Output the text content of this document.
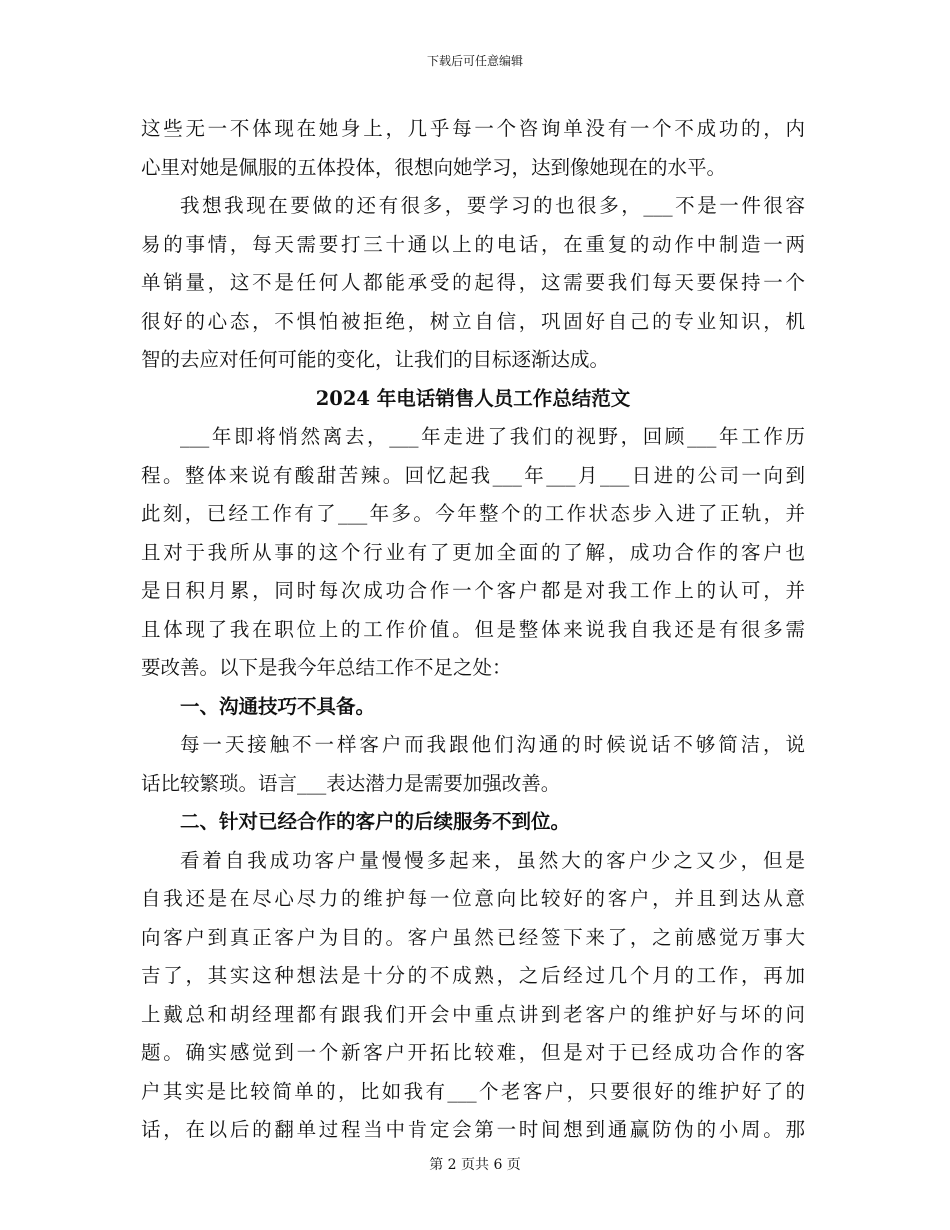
下载后可任意编辑
这些无一不体现在她身上，几乎每一个咨询单没有一个不成功的，内
心里对她是佩服的五体投体，很想向她学习，达到像她现在的水平。
我想我现在要做的还有很多，要学习的也很多，___不是一件很容
易的事情，每天需要打三十通以上的电话，在重复的动作中制造一两
单销量，这不是任何人都能承受的起得，这需要我们每天要保持一个
很好的心态，不惧怕被拒绝，树立自信，巩固好自己的专业知识，机
智的去应对任何可能的变化，让我们的目标逐渐达成。
2024 年电话销售人员工作总结范文
___年即将悄然离去，___年走进了我们的视野，回顾___年工作历
程。整体来说有酸甜苦辣。回忆起我___年___月___日进的公司一向到
此刻，已经工作有了___年多。今年整个的工作状态步入进了正轨，并
且对于我所从事的这个行业有了更加全面的了解，成功合作的客户也
是日积月累，同时每次成功合作一个客户都是对我工作上的认可，并
且体现了我在职位上的工作价值。但是整体来说我自我还是有很多需
要改善。以下是我今年总结工作不足之处：
一、沟通技巧不具备。
每一天接触不一样客户而我跟他们沟通的时候说话不够简洁，说
话比较繁琐。语言___表达潜力是需要加强改善。
二、针对已经合作的客户的后续服务不到位。
看着自我成功客户量慢慢多起来，虽然大的客户少之又少，但是
自我还是在尽心尽力的维护每一位意向比较好的客户，并且到达从意
向客户到真正客户为目的。客户虽然已经签下来了，之前感觉万事大
吉了，其实这种想法是十分的不成熟，之后经过几个月的工作，再加
上戴总和胡经理都有跟我们开会中重点讲到老客户的维护好与坏的问
题。确实感觉到一个新客户开拓比较难，但是对于已经成功合作的客
户其实是比较简单的，比如我有___个老客户，只要很好的维护好了的
话，在以后的翻单过程当中肯定会第一时间想到通赢防伪的小周。那
第 2 页共 6 页
